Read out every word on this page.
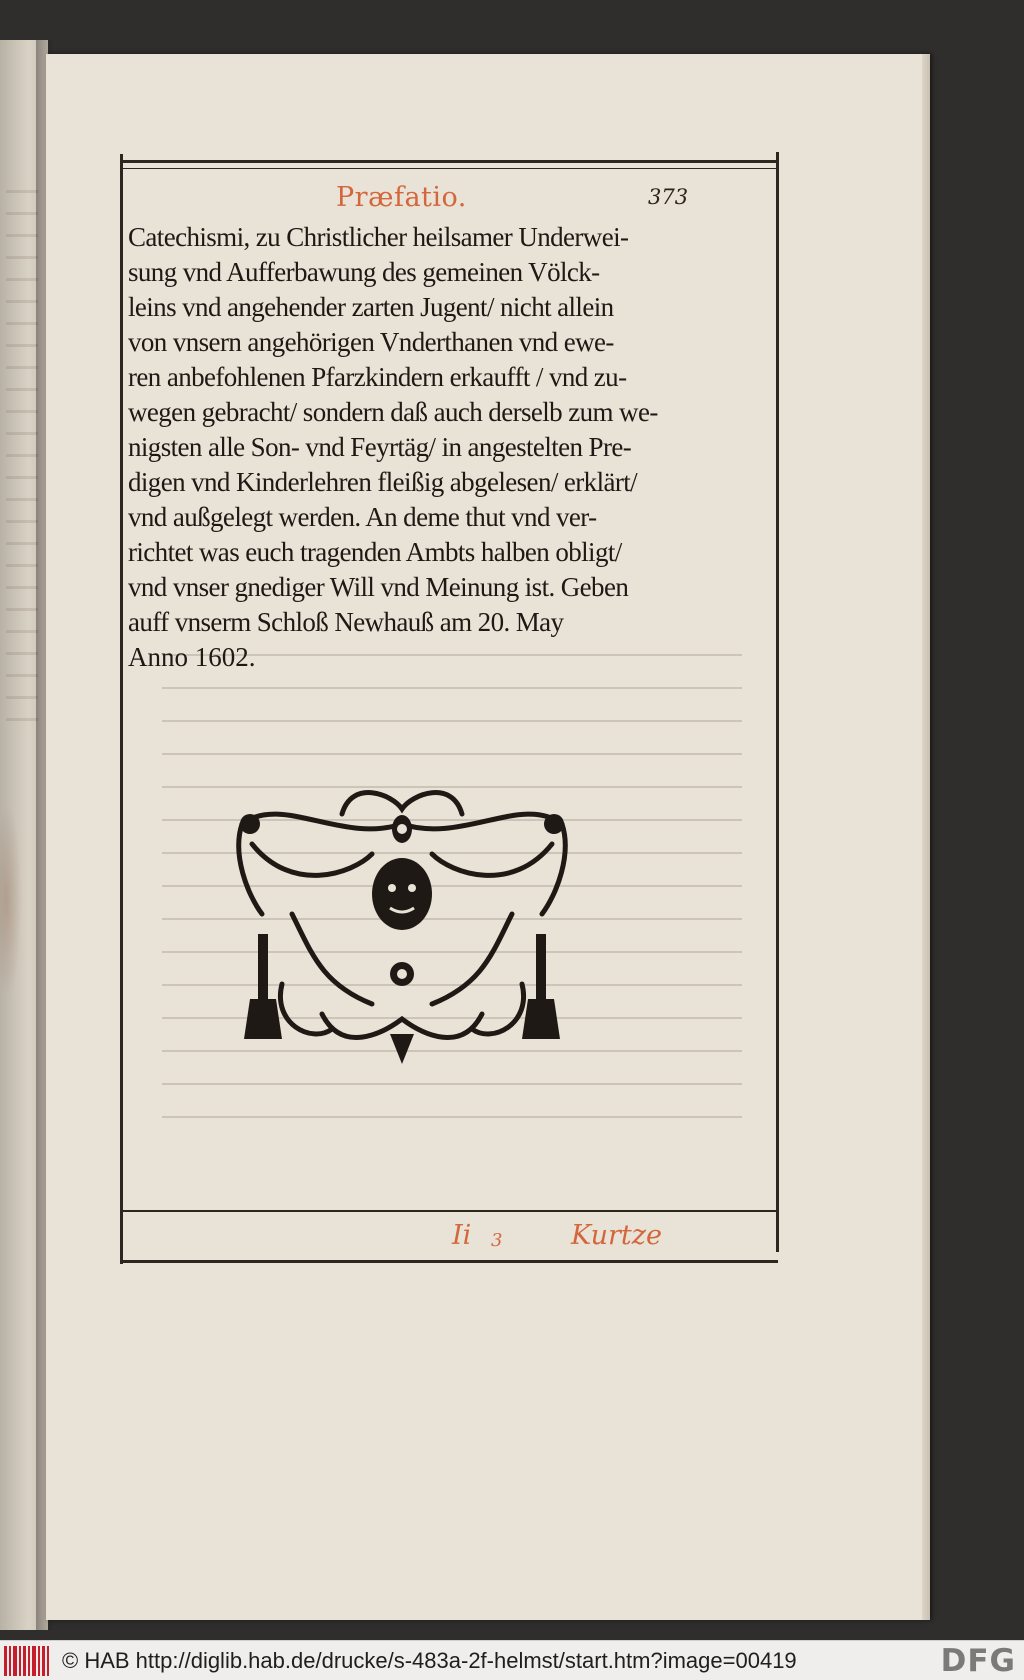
Præfatio.	373
Catechismi, zu Christlicher heilsamer Underwei-
sung vnd Aufferbawung des gemeinen Völck-
leins vnd angehender zarten Jugent/ nicht allein
von vnsern angehörigen Vnderthanen vnd ewe-
ren anbefohlenen Pfarzkindern erkaufft / vnd zu-
wegen gebracht/ sondern daß auch derselb zum we-
nigsten alle Son- vnd Feyrtäg/ in angestelten Pre-
digen vnd Kinderlehren fleißig abgelesen/ erklärt/
vnd außgelegt werden. An deme thut vnd ver-
richtet was euch tragenden Ambts halben obligt/
vnd vnser gnediger Will vnd Meinung ist. Geben
auff vnserm Schloß Newhauß am 20. May
Anno 1602.
Ii 3	Kurtze
© HAB http://diglib.hab.de/drucke/s-483a-2f-helmst/start.htm?image=00419	DFG
